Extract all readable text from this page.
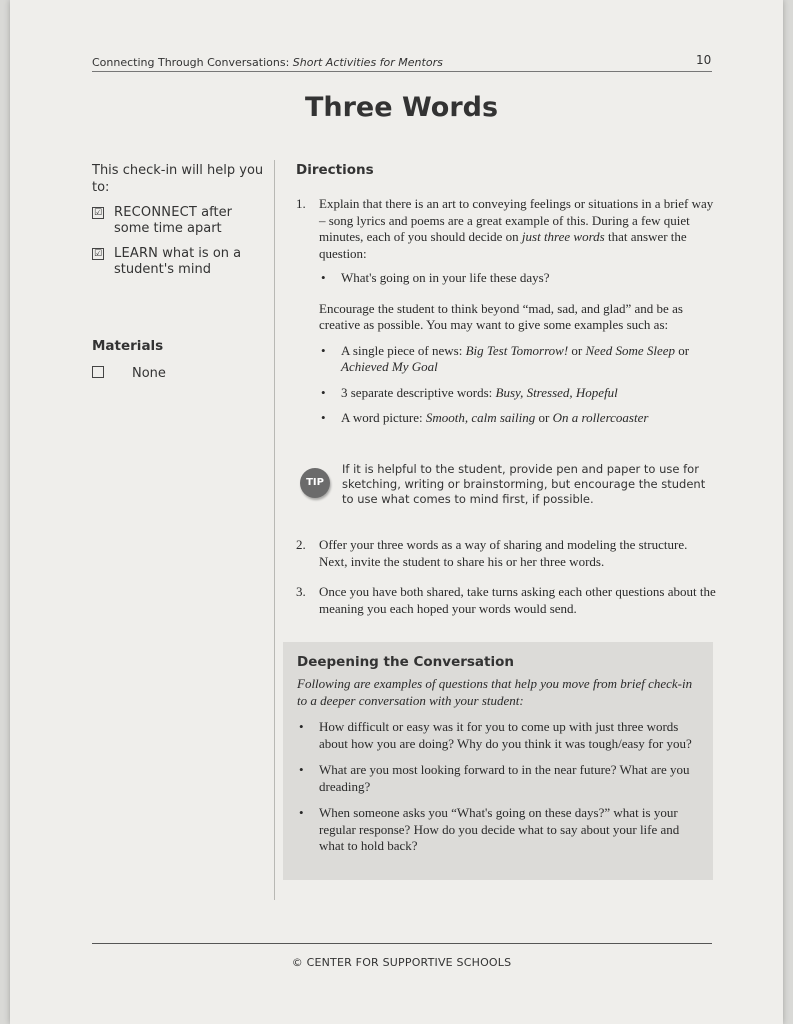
Connecting Through Conversations: Short Activities for Mentors	10
Three Words
This check-in will help you to:
☑ RECONNECT after some time apart
☑ LEARN what is on a student's mind
Materials
None
Directions
1. Explain that there is an art to conveying feelings or situations in a brief way – song lyrics and poems are a great example of this. During a few quiet minutes, each of you should decide on just three words that answer the question:

• What's going on in your life these days?

Encourage the student to think beyond “mad, sad, and glad” and be as creative as possible. You may want to give some examples such as:

• A single piece of news: Big Test Tomorrow! or Need Some Sleep or Achieved My Goal
• 3 separate descriptive words: Busy, Stressed, Hopeful
• A word picture: Smooth, calm sailing or On a rollercoaster
TIP
If it is helpful to the student, provide pen and paper to use for sketching, writing or brainstorming, but encourage the student to use what comes to mind first, if possible.
2. Offer your three words as a way of sharing and modeling the structure. Next, invite the student to share his or her three words.

3. Once you have both shared, take turns asking each other questions about the meaning you each hoped your words would send.

Deepening the Conversation

Following are examples of questions that help you move from brief check-in to a deeper conversation with your student:

• How difficult or easy was it for you to come up with just three words about how you are doing? Why do you think it was tough/easy for you?
• What are you most looking forward to in the near future? What are you dreading?
• When someone asks you “What's going on these days?” what is your regular response? How do you decide what to say about your life and what to hold back?
© CENTER FOR SUPPORTIVE SCHOOLS
